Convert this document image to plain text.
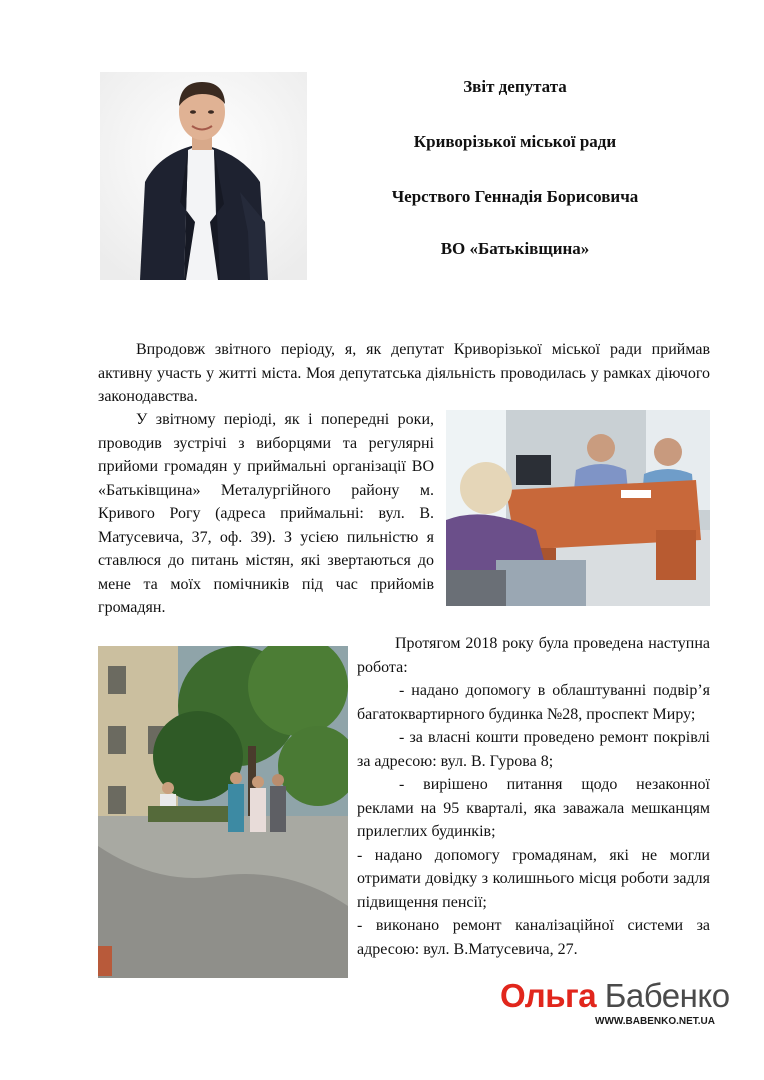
Звіт депутата
Криворізької міської ради
Черствого Геннадія Борисовича
ВО «Батьківщина»

Впродовж звітного періоду, я, як депутат Криворізької міської ради приймав активну участь у житті міста. Моя депутатська діяльність проводилась у рамках діючого законодавства.

У звітному періоді, як і попередні роки, проводив зустрічі з виборцями та регулярні прийоми громадян у приймальні організації ВО «Батьківщина» Металургійного району м. Кривого Рогу (адреса приймальні: вул. В. Матусевича, 37, оф. 39). З усією пильністю я ставлюся до питань містян, які звертаються до мене та моїх помічників під час прийомів громадян.

Протягом 2018 року була проведена наступна робота:

- надано допомогу в облаштуванні подвір’я багатоквартирного будинка №28, проспект Миру;

- за власні кошти проведено ремонт покрівлі за адресою: вул. В. Гурова 8;

- вирішено питання щодо незаконної реклами на 95 кварталі, яка заважала мешканцям прилеглих будинків;

- надано допомогу громадянам, які не могли отримати довідку з колишнього місця роботи задля підвищення пенсії;

- виконано ремонт каналізаційної системи за адресою: вул. В.Матусевича, 27.

Ольга Бабенко
WWW.BABENKO.NET.UA
